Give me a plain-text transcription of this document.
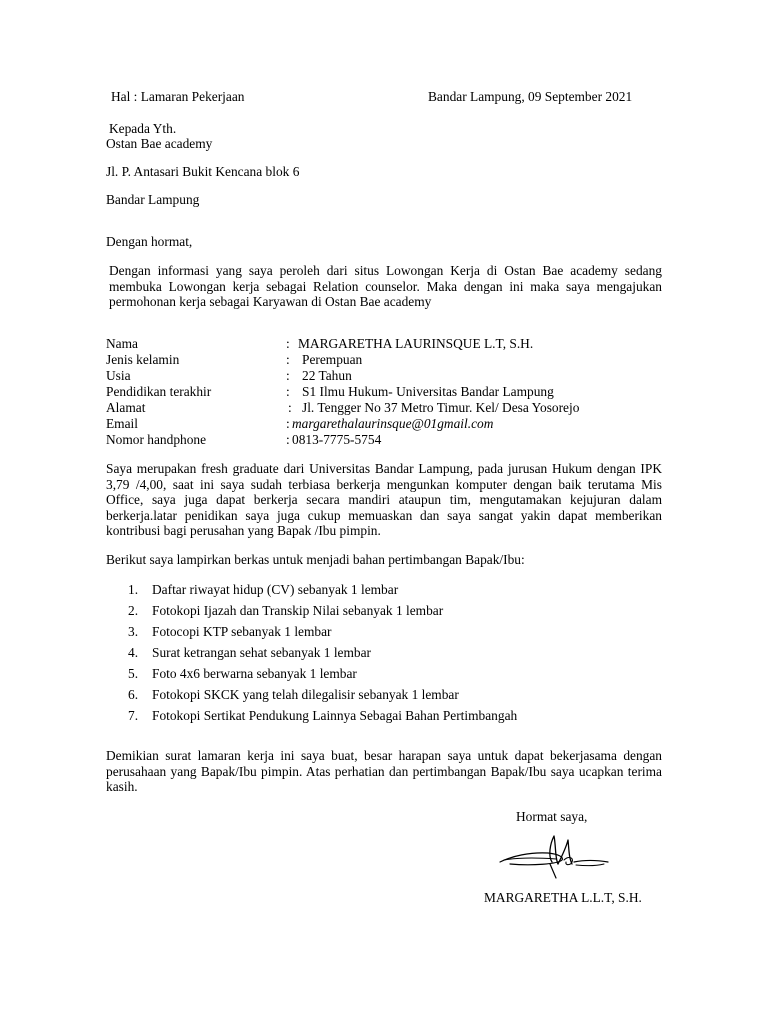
Hal : Lamaran Pekerjaan	Bandar Lampung, 09 September 2021
Kepada Yth.
Ostan Bae academy
Jl. P. Antasari Bukit Kencana blok 6
Bandar Lampung
Dengan hormat,
Dengan informasi yang saya peroleh dari situs Lowongan Kerja di Ostan Bae academy sedang membuka Lowongan kerja sebagai Relation counselor. Maka dengan ini maka saya mengajukan permohonan kerja sebagai Karyawan di Ostan Bae academy
Nama	: MARGARETHA LAURINSQUE L.T, S.H.
Jenis kelamin	: Perempuan
Usia	: 22 Tahun
Pendidikan terakhir	: S1 Ilmu Hukum- Universitas Bandar Lampung
Alamat	: Jl. Tengger No 37 Metro Timur. Kel/ Desa Yosorejo
Email	: margarethalaurinsque@01gmail.com
Nomor handphone	: 0813-7775-5754
Saya merupakan fresh graduate dari Universitas Bandar Lampung, pada jurusan Hukum dengan IPK 3,79 /4,00, saat ini saya sudah terbiasa berkerja mengunkan komputer dengan baik terutama Mis Office, saya juga dapat berkerja secara mandiri ataupun tim, mengutamakan kejujuran dalam berkerja.latar penidikan saya juga cukup memuaskan dan saya sangat yakin dapat memberikan kontribusi bagi perusahan yang Bapak /Ibu pimpin.
Berikut saya lampirkan berkas untuk menjadi bahan pertimbangan Bapak/Ibu:
1. Daftar riwayat hidup (CV) sebanyak 1 lembar
2. Fotokopi Ijazah dan Transkip Nilai sebanyak 1 lembar
3. Fotocopi KTP sebanyak 1 lembar
4. Surat ketrangan sehat sebanyak 1 lembar
5. Foto 4x6 berwarna sebanyak 1 lembar
6. Fotokopi SKCK yang telah dilegalisir sebanyak 1 lembar
7. Fotokopi Sertikat Pendukung Lainnya Sebagai Bahan Pertimbangah
Demikian surat lamaran kerja ini saya buat, besar harapan saya untuk dapat bekerjasama dengan perusahaan yang Bapak/Ibu pimpin. Atas perhatian dan pertimbangan Bapak/Ibu saya ucapkan terima kasih.
Hormat saya,
MARGARETHA L.L.T, S.H.
